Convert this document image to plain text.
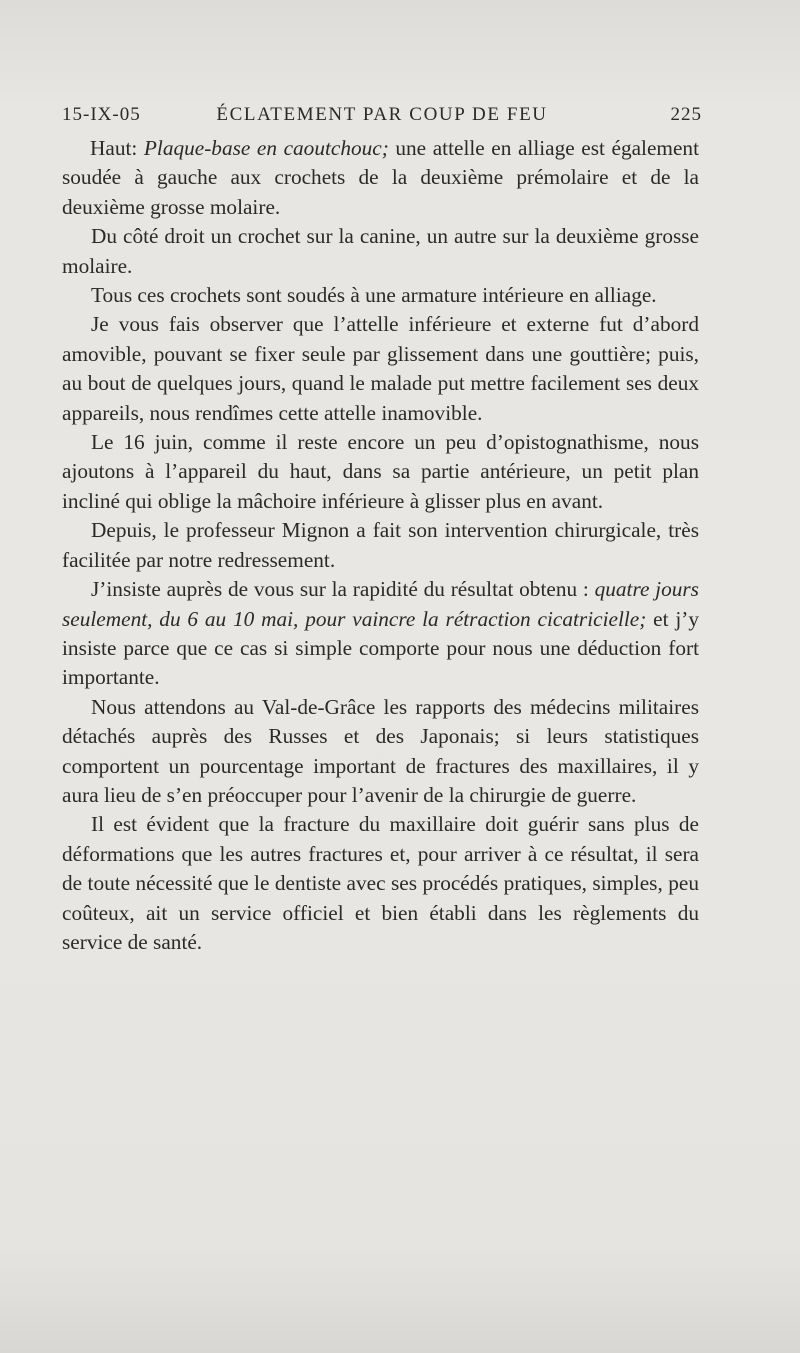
15-IX-05	ÉCLATEMENT PAR COUP DE FEU	225

Haut: Plaque-base en caoutchouc; une attelle en alliage est également soudée à gauche aux crochets de la deuxième prémolaire et de la deuxième grosse molaire.

Du côté droit un crochet sur la canine, un autre sur la deuxième grosse molaire.

Tous ces crochets sont soudés à une armature intérieure en alliage.

Je vous fais observer que l’attelle inférieure et externe fut d’abord amovible, pouvant se fixer seule par glissement dans une gouttière; puis, au bout de quelques jours, quand le malade put mettre facilement ses deux appareils, nous rendîmes cette attelle inamovible.

Le 16 juin, comme il reste encore un peu d’opistognathisme, nous ajoutons à l’appareil du haut, dans sa partie antérieure, un petit plan incliné qui oblige la mâchoire inférieure à glisser plus en avant.

Depuis, le professeur Mignon a fait son intervention chirurgicale, très facilitée par notre redressement.

J’insiste auprès de vous sur la rapidité du résultat obtenu : quatre jours seulement, du 6 au 10 mai, pour vaincre la rétraction cicatricielle; et j’y insiste parce que ce cas si simple comporte pour nous une déduction fort importante.

Nous attendons au Val-de-Grâce les rapports des médecins militaires détachés auprès des Russes et des Japonais; si leurs statistiques comportent un pourcentage important de fractures des maxillaires, il y aura lieu de s’en préoccuper pour l’avenir de la chirurgie de guerre.

Il est évident que la fracture du maxillaire doit guérir sans plus de déformations que les autres fractures et, pour arriver à ce résultat, il sera de toute nécessité que le dentiste avec ses procédés pratiques, simples, peu coûteux, ait un service officiel et bien établi dans les règlements du service de santé.
